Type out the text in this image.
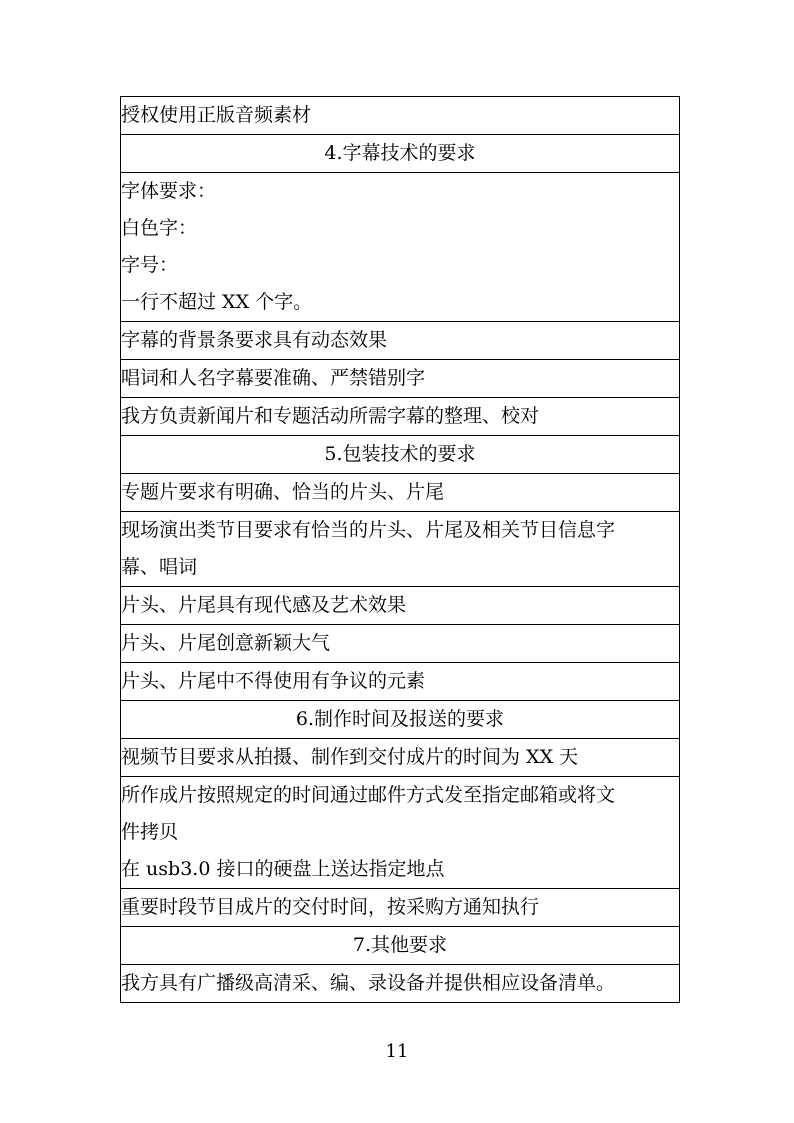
授权使用正版音频素材

4.字幕技术的要求

字体要求：
白色字：
字号：
一行不超过 XX 个字。

字幕的背景条要求具有动态效果

唱词和人名字幕要准确、严禁错别字

我方负责新闻片和专题活动所需字幕的整理、校对

5.包装技术的要求

专题片要求有明确、恰当的片头、片尾

现场演出类节目要求有恰当的片头、片尾及相关节目信息字
幕、唱词

片头、片尾具有现代感及艺术效果

片头、片尾创意新颖大气

片头、片尾中不得使用有争议的元素

6.制作时间及报送的要求

视频节目要求从拍摄、制作到交付成片的时间为 XX 天

所作成片按照规定的时间通过邮件方式发至指定邮箱或将文
件拷贝
在 usb3.0 接口的硬盘上送达指定地点

重要时段节目成片的交付时间，按采购方通知执行

7.其他要求

我方具有广播级高清采、编、录设备并提供相应设备清单。
11
